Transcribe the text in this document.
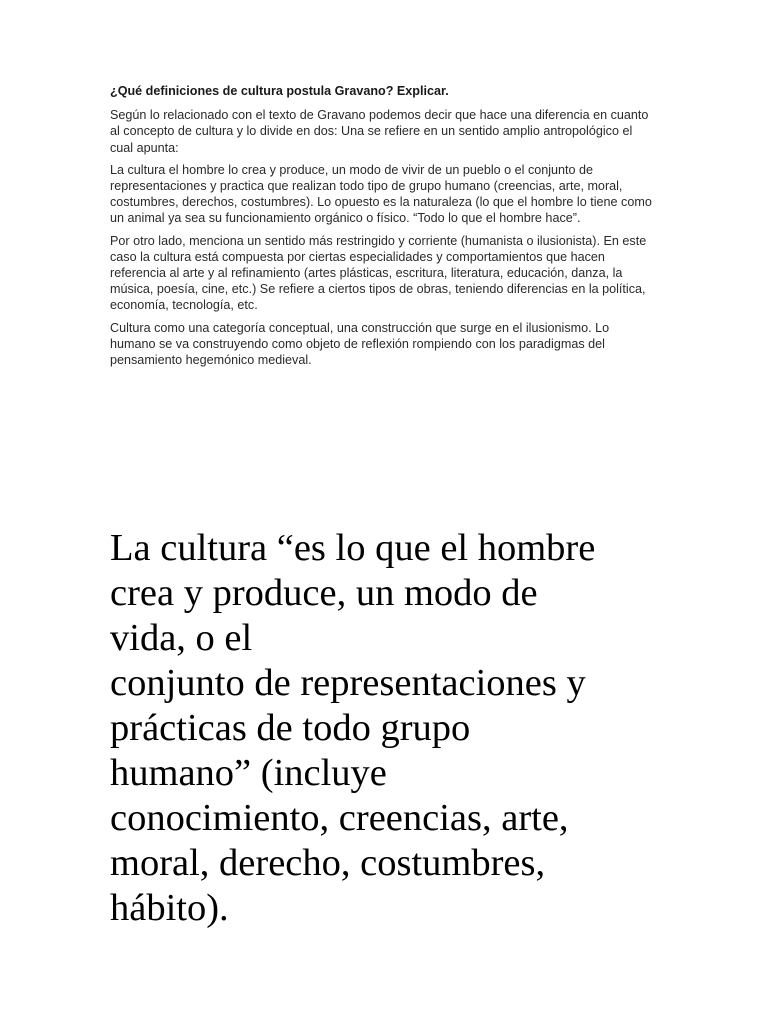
¿Qué definiciones de cultura postula Gravano? Explicar.

Según lo relacionado con el texto de Gravano podemos decir que hace una diferencia en cuanto al concepto de cultura y lo divide en dos: Una se refiere en un sentido amplio antropológico el cual apunta:

La cultura el hombre lo crea y produce, un modo de vivir de un pueblo o el conjunto de representaciones y practica que realizan todo tipo de grupo humano (creencias, arte, moral, costumbres, derechos, costumbres). Lo opuesto es la naturaleza (lo que el hombre lo tiene como un animal ya sea su funcionamiento orgánico o físico. “Todo lo que el hombre hace”.

Por otro lado, menciona un sentido más restringido y corriente (humanista o ilusionista). En este caso la cultura está compuesta por ciertas especialidades y comportamientos que hacen referencia al arte y al refinamiento (artes plásticas, escritura, literatura, educación, danza, la música, poesía, cine, etc.) Se refiere a ciertos tipos de obras, teniendo diferencias en la política, economía, tecnología, etc.

Cultura como una categoría conceptual, una construcción que surge en el ilusionismo. Lo humano se va construyendo como objeto de reflexión rompiendo con los paradigmas del pensamiento hegemónico medieval.

La cultura “es lo que el hombre
crea y produce, un modo de
vida, o el
conjunto de representaciones y
prácticas de todo grupo
humano” (incluye
conocimiento, creencias, arte,
moral, derecho, costumbres,
hábito).
